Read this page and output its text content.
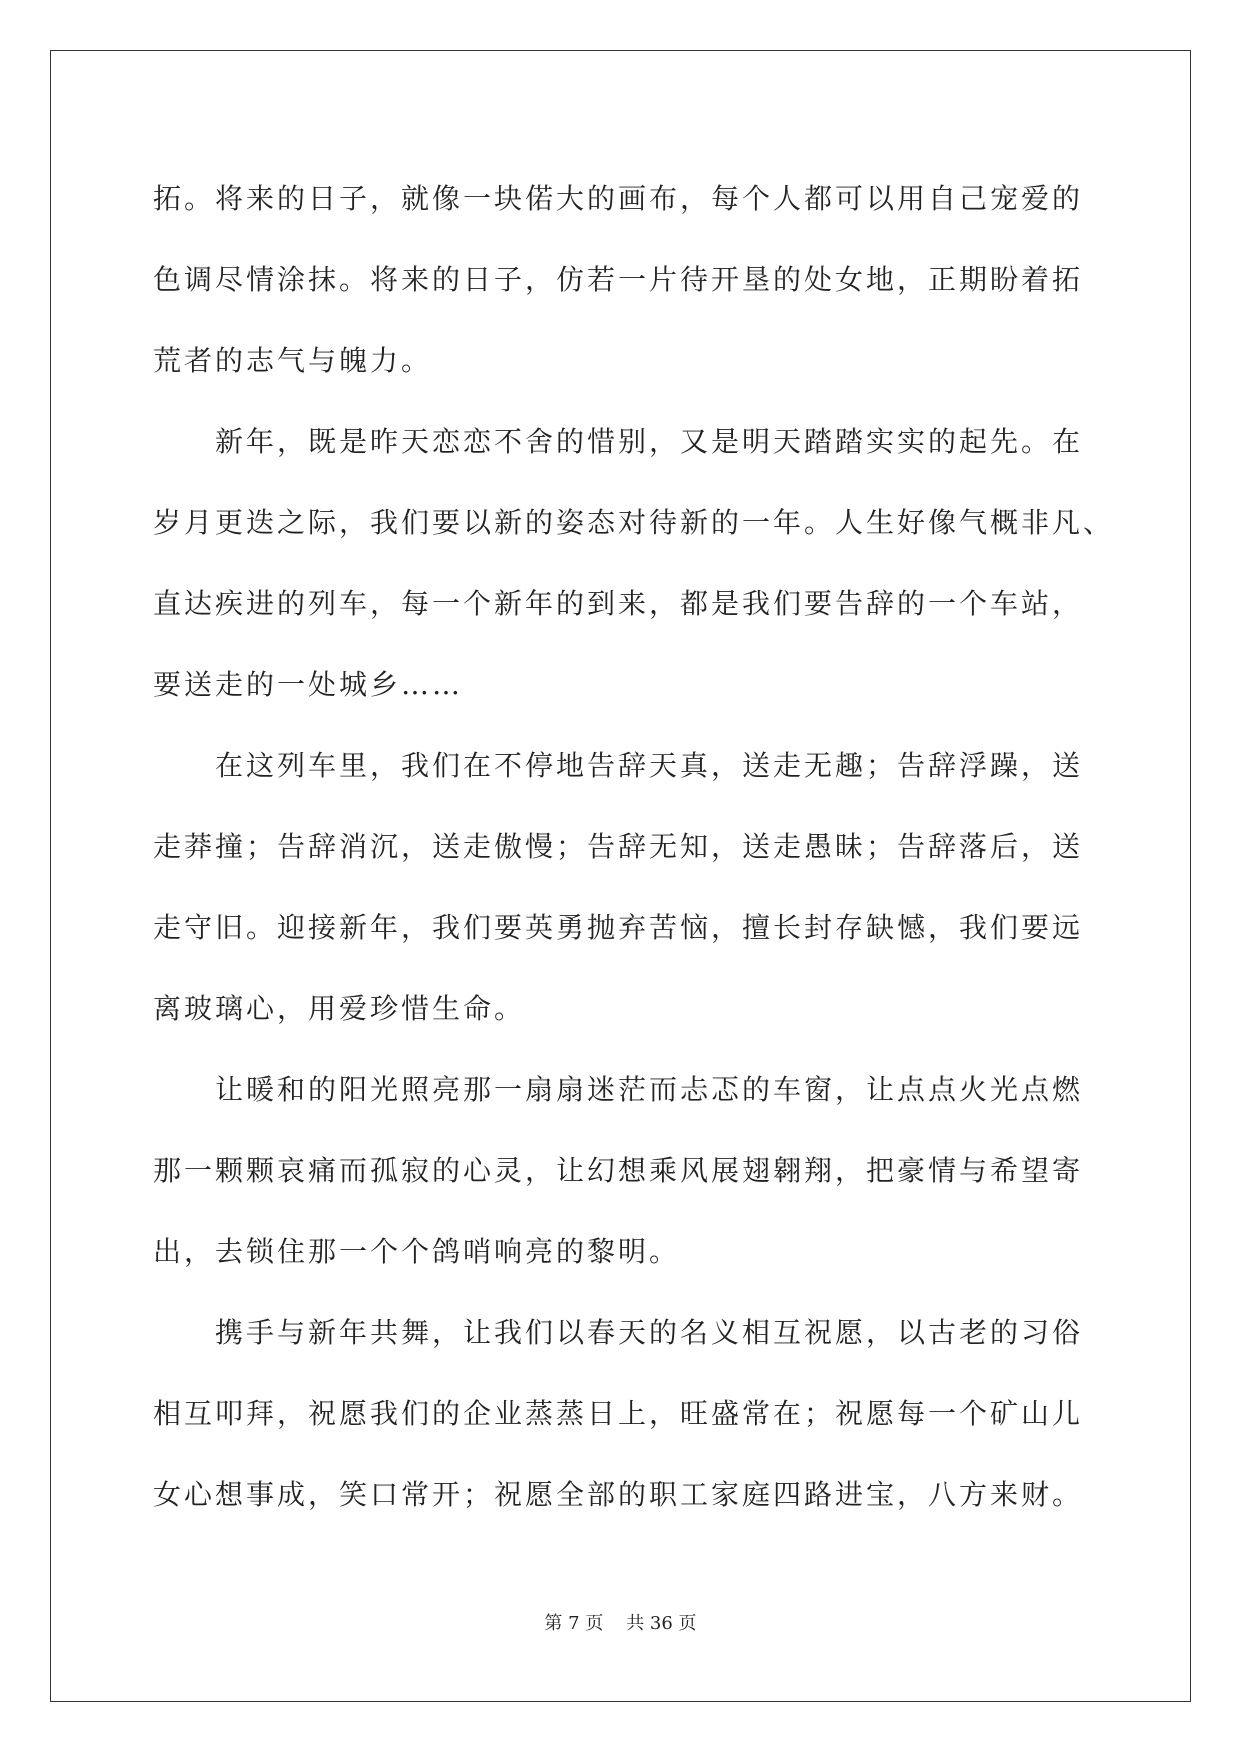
拓。将来的日子，就像一块偌大的画布，每个人都可以用自己宠爱的
色调尽情涂抹。将来的日子，仿若一片待开垦的处女地，正期盼着拓
荒者的志气与魄力。
新年，既是昨天恋恋不舍的惜别，又是明天踏踏实实的起先。在
岁月更迭之际，我们要以新的姿态对待新的一年。人生好像气概非凡、
直达疾进的列车，每一个新年的到来，都是我们要告辞的一个车站，
要送走的一处城乡……
在这列车里，我们在不停地告辞天真，送走无趣；告辞浮躁，送
走莽撞；告辞消沉，送走傲慢；告辞无知，送走愚昧；告辞落后，送
走守旧。迎接新年，我们要英勇抛弃苦恼，擅长封存缺憾，我们要远
离玻璃心，用爱珍惜生命。
让暖和的阳光照亮那一扇扇迷茫而忐忑的车窗，让点点火光点燃
那一颗颗哀痛而孤寂的心灵，让幻想乘风展翅翱翔，把豪情与希望寄
出，去锁住那一个个鸽哨响亮的黎明。
携手与新年共舞，让我们以春天的名义相互祝愿，以古老的习俗
相互叩拜，祝愿我们的企业蒸蒸日上，旺盛常在；祝愿每一个矿山儿
女心想事成，笑口常开；祝愿全部的职工家庭四路进宝，八方来财。
第 7 页    共 36 页
